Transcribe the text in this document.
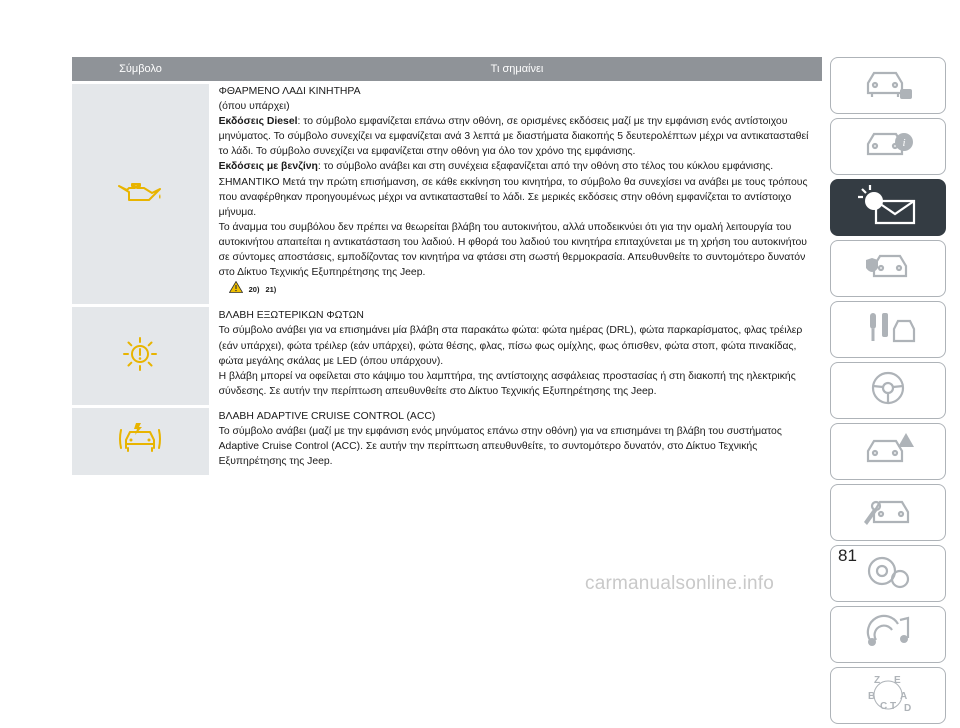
Σύμβολο	Τι σημαίνει

ΦΘΑΡΜΕΝΟ ΛΑΔΙ ΚΙΝΗΤΗΡΑ

(όπου υπάρχει)

Εκδόσεις Diesel: το σύμβολο εμφανίζεται επάνω στην οθόνη, σε ορισμένες εκδόσεις μαζί με την εμφάνιση ενός αντίστοιχου μηνύματος. Το σύμβολο συνεχίζει να εμφανίζεται ανά 3 λεπτά με διαστήματα διακοπής 5 δευτερολέπτων μέχρι να αντικατασταθεί το λάδι. Το σύμβολο συνεχίζει να εμφανίζεται στην οθόνη για όλο τον χρόνο της εμφάνισης.

Εκδόσεις με βενζίνη: το σύμβολο ανάβει και στη συνέχεια εξαφανίζεται από την οθόνη στο τέλος του κύκλου εμφάνισης.

ΣΗΜΑΝΤΙΚΟ Μετά την πρώτη επισήμανση, σε κάθε εκκίνηση του κινητήρα, το σύμβολο θα συνεχίσει να ανάβει με τους τρόπους που αναφέρθηκαν προηγουμένως μέχρι να αντικατασταθεί το λάδι. Σε μερικές εκδόσεις στην οθόνη εμφανίζεται το αντίστοιχο μήνυμα.

Το άναμμα του συμβόλου δεν πρέπει να θεωρείται βλάβη του αυτοκινήτου, αλλά υποδεικνύει ότι για την ομαλή λειτουργία του αυτοκινήτου απαιτείται η αντικατάσταση του λαδιού. Η φθορά του λαδιού του κινητήρα επιταχύνεται με τη χρήση του αυτοκινήτου σε σύντομες αποστάσεις, εμποδίζοντας τον κινητήρα να φτάσει στη σωστή θερμοκρασία. Απευθυνθείτε το συντομότερο δυνατόν στο Δίκτυο Τεχνικής Εξυπηρέτησης της Jeep.

20) 21)

ΒΛΑΒΗ ΕΞΩΤΕΡΙΚΩΝ ΦΩΤΩΝ

Το σύμβολο ανάβει για να επισημάνει μία βλάβη στα παρακάτω φώτα: φώτα ημέρας (DRL), φώτα παρκαρίσματος, φλας τρέιλερ (εάν υπάρχει), φώτα τρέιλερ (εάν υπάρχει), φώτα θέσης, φλας, πίσω φως ομίχλης, φως όπισθεν, φώτα στοπ, φώτα πινακίδας, φώτα μεγάλης σκάλας με LED (όπου υπάρχουν).

Η βλάβη μπορεί να οφείλεται στο κάψιμο του λαμπτήρα, της αντίστοιχης ασφάλειας προστασίας ή στη διακοπή της ηλεκτρικής σύνδεσης. Σε αυτήν την περίπτωση απευθυνθείτε στο Δίκτυο Τεχνικής Εξυπηρέτησης της Jeep.

ΒΛΑΒΗ ADAPTIVE CRUISE CONTROL (ACC)

Το σύμβολο ανάβει (μαζί με την εμφάνιση ενός μηνύματος επάνω στην οθόνη) για να επισημάνει τη βλάβη του συστήματος Adaptive Cruise Control (ACC). Σε αυτήν την περίπτωση απευθυνθείτε, το συντομότερο δυνατόν, στο Δίκτυο Τεχνικής Εξυπηρέτησης της Jeep.

i
Z E
B A
C T D
81
carmanualsonline.info
